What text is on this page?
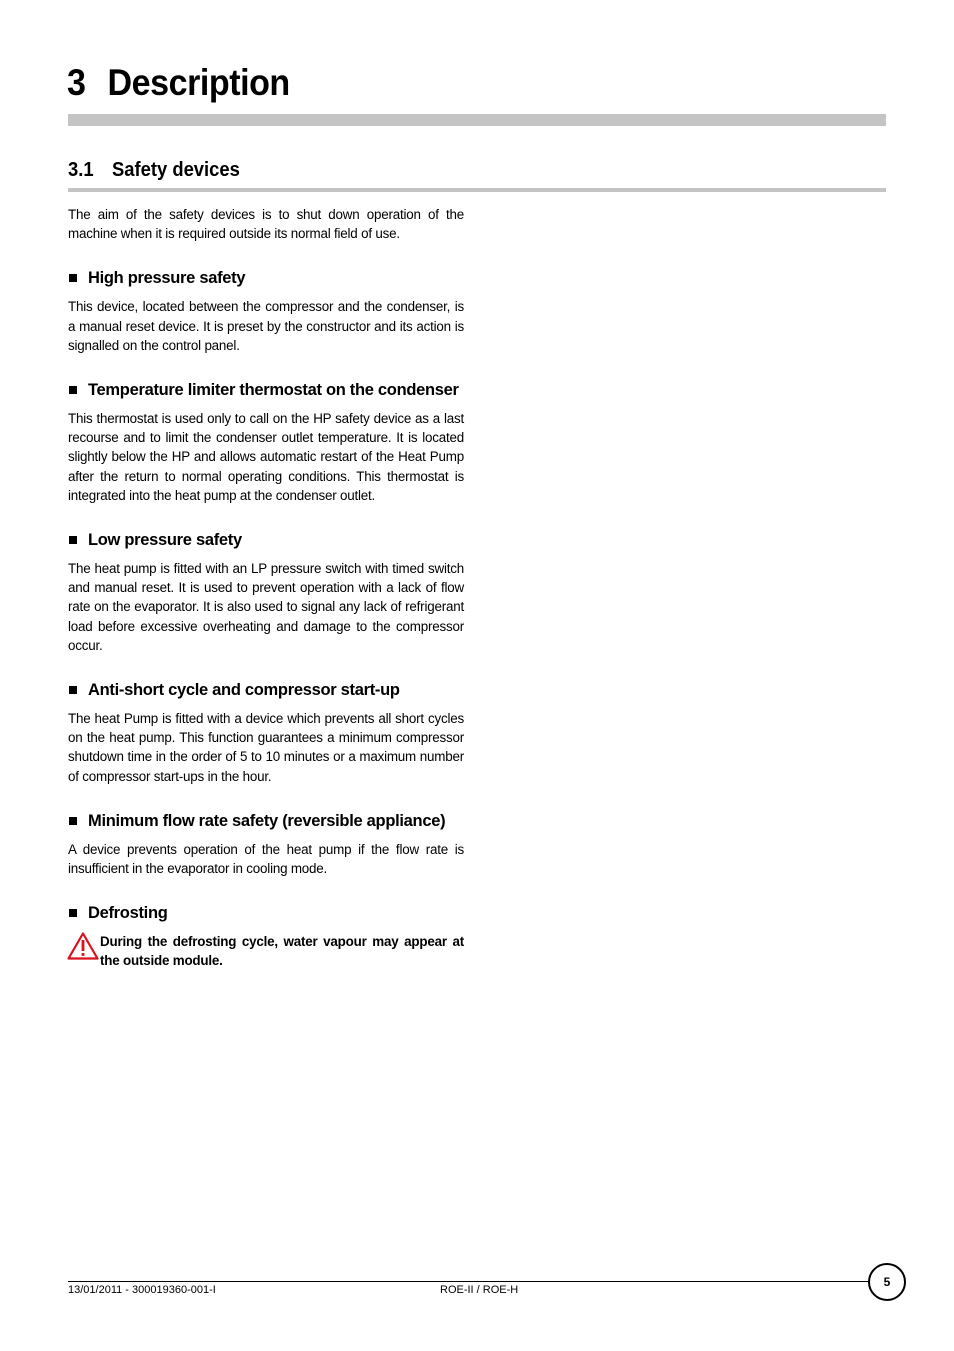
3 Description
3.1 Safety devices

The aim of the safety devices is to shut down operation of the machine when it is required outside its normal field of use.

High pressure safety

This device, located between the compressor and the condenser, is a manual reset device. It is preset by the constructor and its action is signalled on the control panel.

Temperature limiter thermostat on the condenser

This thermostat is used only to call on the HP safety device as a last recourse and to limit the condenser outlet temperature. It is located slightly below the HP and allows automatic restart of the Heat Pump after the return to normal operating conditions. This thermostat is integrated into the heat pump at the condenser outlet.

Low pressure safety

The heat pump is fitted with an LP pressure switch with timed switch and manual reset. It is used to prevent operation with a lack of flow rate on the evaporator. It is also used to signal any lack of refrigerant load before excessive overheating and damage to the compressor occur.

Anti-short cycle and compressor start-up

The heat Pump is fitted with a device which prevents all short cycles on the heat pump. This function guarantees a minimum compressor shutdown time in the order of 5 to 10 minutes or a maximum number of compressor start-ups in the hour.

Minimum flow rate safety (reversible appliance)

A device prevents operation of the heat pump if the flow rate is insufficient in the evaporator in cooling mode.

Defrosting

During the defrosting cycle, water vapour may appear at the outside module.

13/01/2011 - 300019360-001-I	ROE-II / ROE-H
5
